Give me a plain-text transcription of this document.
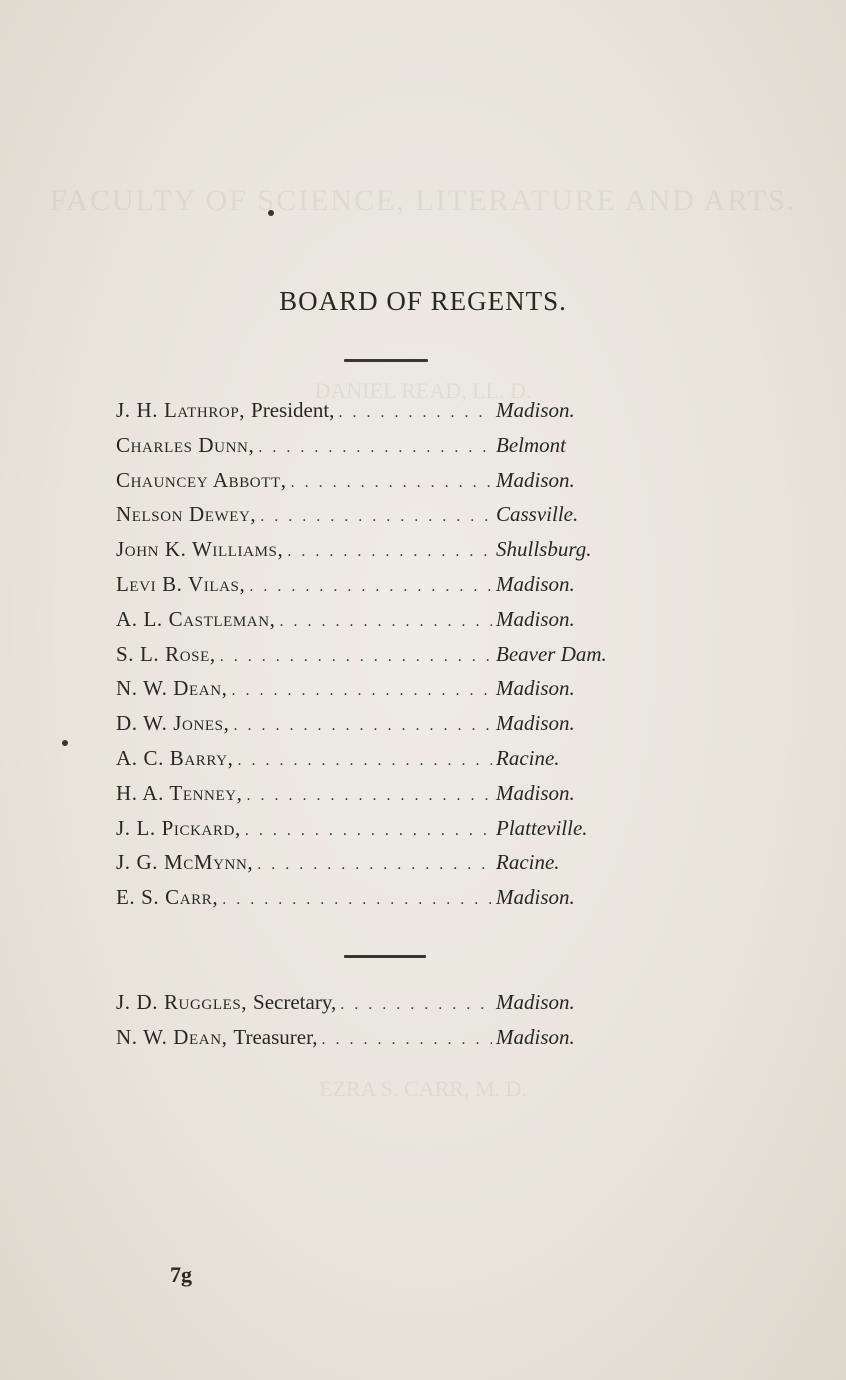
FACULTY OF SCIENCE, LITERATURE AND ARTS.
DANIEL READ, LL. D.
EZRA S. CARR, M. D.
BOARD OF REGENTS.
J. H. Lathrop, President, . . .	Madison.
Charles Dunn, . . .	Belmont
Chauncey Abbott, . . .	Madison.
Nelson Dewey, . . .	Cassville.
John K. Williams, . . .	Shullsburg.
Levi B. Vilas, . . .	Madison.
A. L. Castleman, . . .	Madison.
S. L. Rose, . . .	Beaver Dam.
N. W. Dean, . . .	Madison.
D. W. Jones, . . .	Madison.
A. C. Barry, . . .	Racine.
H. A. Tenney, . . .	Madison.
J. L. Pickard, . . .	Platteville.
J. G. McMynn, . . .	Racine.
E. S. Carr, . . .	Madison.
J. D. Ruggles, Secretary, . . .	Madison.
N. W. Dean, Treasurer, . . .	Madison.
7g
